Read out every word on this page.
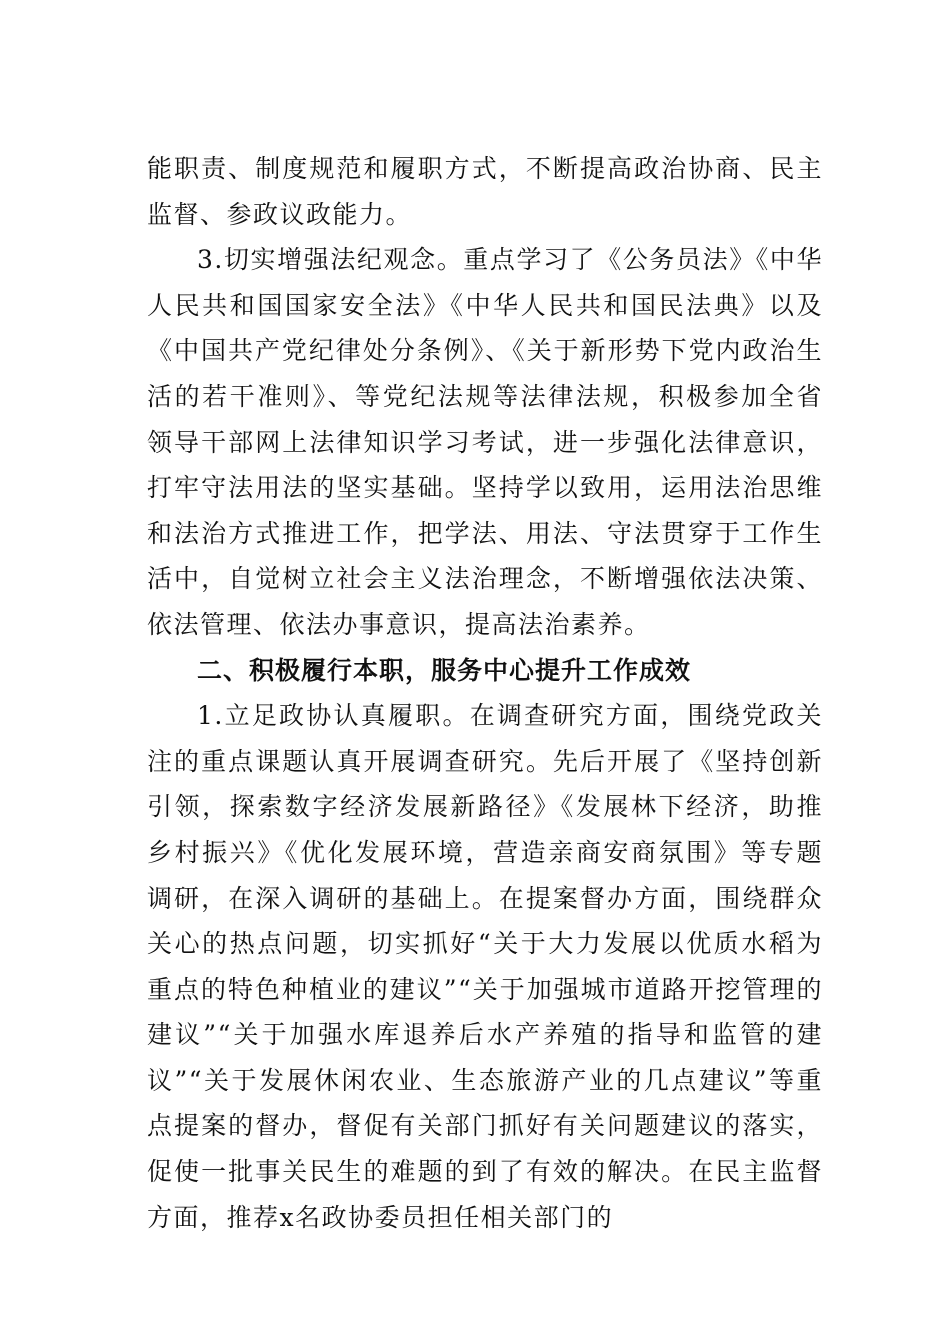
能职责、制度规范和履职方式，不断提高政治协商、民主监督、参政议政能力。

3.切实增强法纪观念。重点学习了《公务员法》《中华人民共和国国家安全法》《中华人民共和国民法典》以及《中国共产党纪律处分条例》、《关于新形势下党内政治生活的若干准则》、等党纪法规等法律法规，积极参加全省领导干部网上法律知识学习考试，进一步强化法律意识，打牢守法用法的坚实基础。坚持学以致用，运用法治思维和法治方式推进工作，把学法、用法、守法贯穿于工作生活中，自觉树立社会主义法治理念，不断增强依法决策、依法管理、依法办事意识，提高法治素养。

二、积极履行本职，服务中心提升工作成效

1.立足政协认真履职。在调查研究方面，围绕党政关注的重点课题认真开展调查研究。先后开展了《坚持创新引领，探索数字经济发展新路径》《发展林下经济，助推乡村振兴》《优化发展环境，营造亲商安商氛围》等专题调研，在深入调研的基础上。在提案督办方面，围绕群众关心的热点问题，切实抓好“关于大力发展以优质水稻为重点的特色种植业的建议”“关于加强城市道路开挖管理的建议”“关于加强水库退养后水产养殖的指导和监管的建议”“关于发展休闲农业、生态旅游产业的几点建议”等重点提案的督办，督促有关部门抓好有关问题建议的落实，促使一批事关民生的难题的到了有效的解决。在民主监督方面，推荐x名政协委员担任相关部门的
